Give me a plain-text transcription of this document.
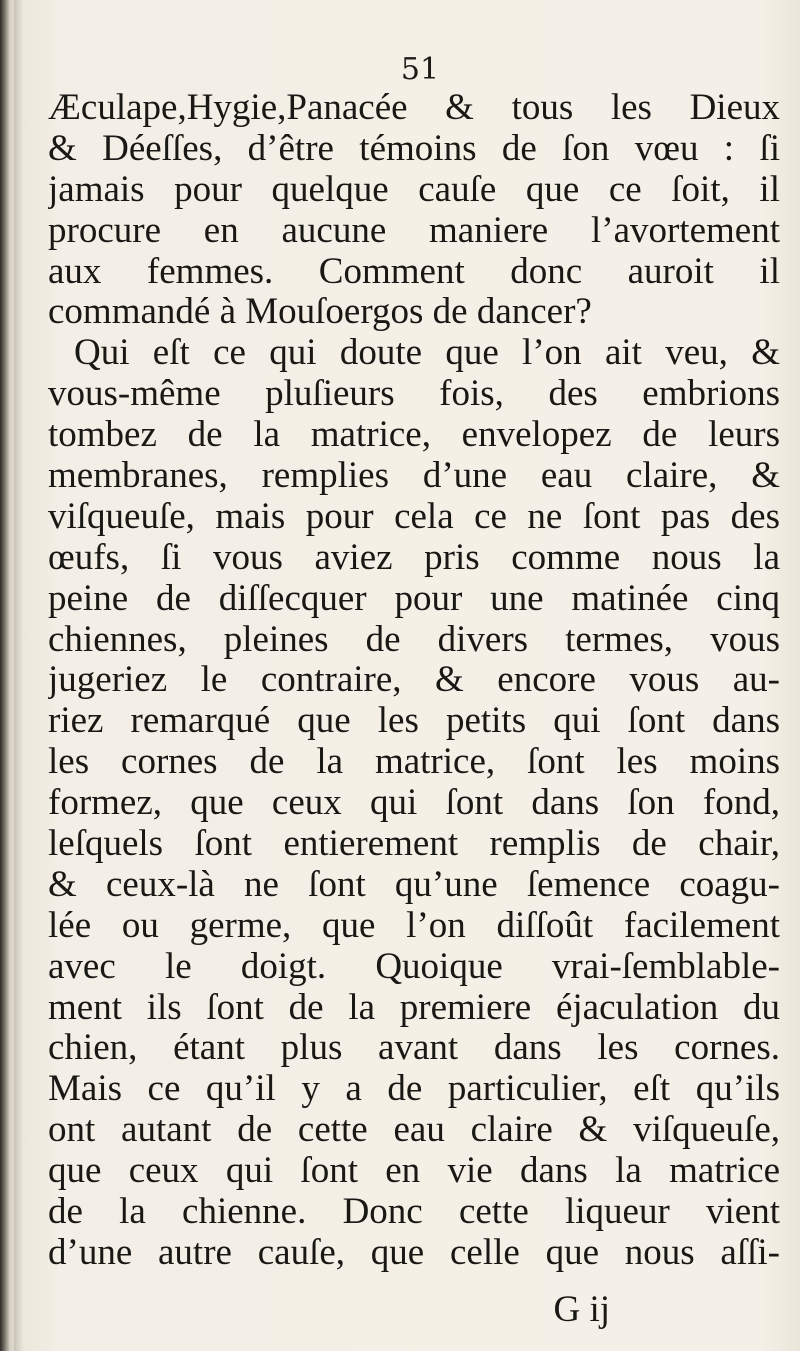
51
Æculape,Hygie,Panacée & tous les Dieux
& Déeſſes, d’être témoins de ſon vœu : ſi
jamais pour quelque cauſe que ce ſoit, il
procure en aucune maniere l’avortement
aux femmes. Comment donc auroit il
commandé à Mouſoergos de dancer?
Qui eſt ce qui doute que l’on ait veu, &
vous-même pluſieurs fois, des embrions
tombez de la matrice, envelopez de leurs
membranes, remplies d’une eau claire, &
viſqueuſe, mais pour cela ce ne ſont pas des
œufs, ſi vous aviez pris comme nous la
peine de diſſecquer pour une matinée cinq
chiennes, pleines de divers termes, vous
jugeriez le contraire, & encore vous au-
riez remarqué que les petits qui ſont dans
les cornes de la matrice, ſont les moins
formez, que ceux qui ſont dans ſon fond,
leſquels ſont entierement remplis de chair,
& ceux-là ne ſont qu’une ſemence coagu-
lée ou germe, que l’on diſſoût facilement
avec le doigt. Quoique vrai-ſemblable-
ment ils ſont de la premiere éjaculation du
chien, étant plus avant dans les cornes.
Mais ce qu’il y a de particulier, eſt qu’ils
ont autant de cette eau claire & viſqueuſe,
que ceux qui ſont en vie dans la matrice
de la chienne. Donc cette liqueur vient
d’une autre cauſe, que celle que nous aſſi-
G ij
